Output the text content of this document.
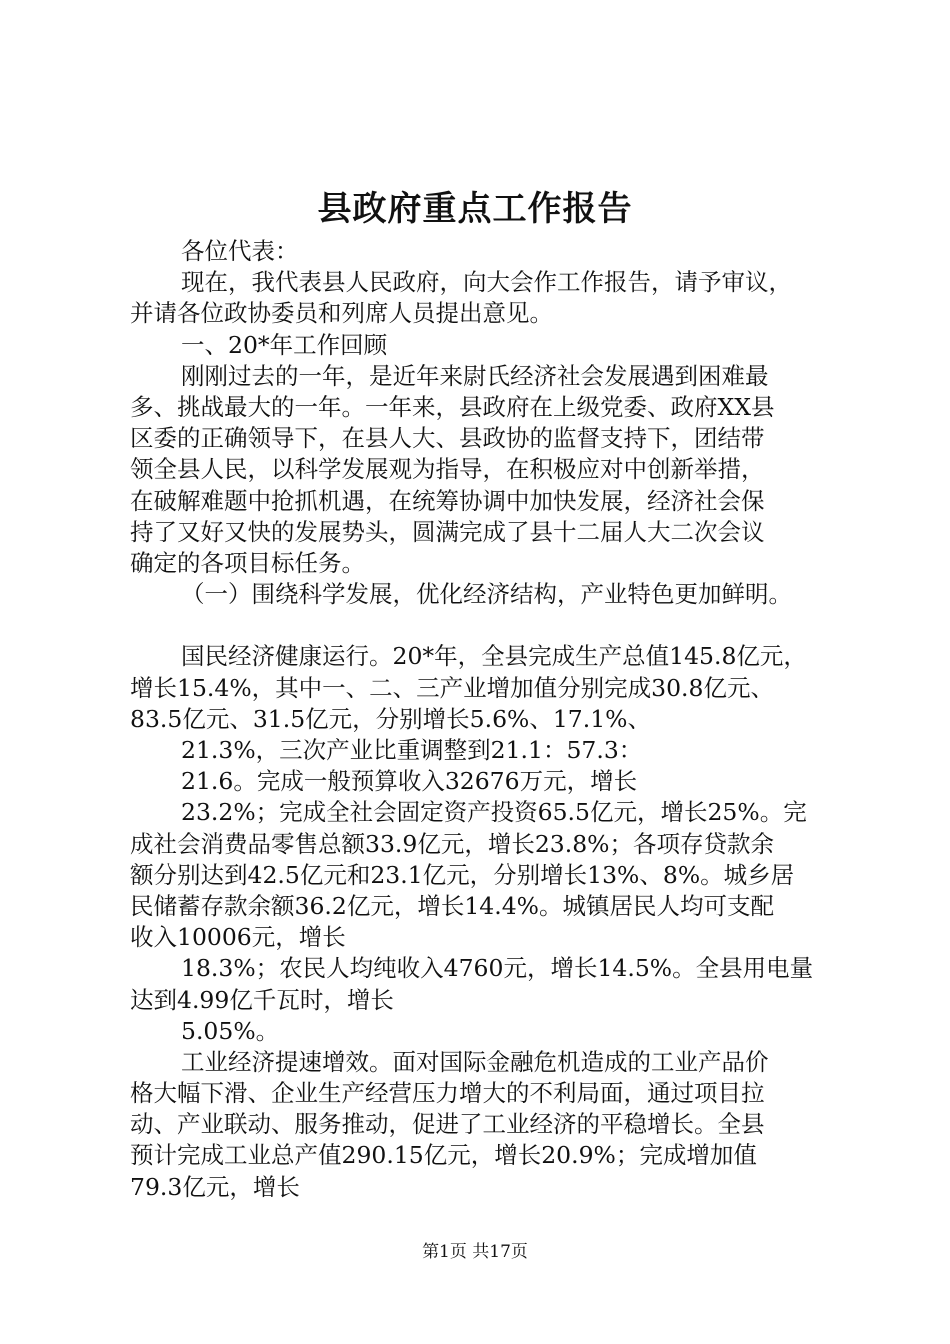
县政府重点工作报告
各位代表：
现在，我代表县人民政府，向大会作工作报告，请予审议，
并请各位政协委员和列席人员提出意见。
一、20*年工作回顾
刚刚过去的一年，是近年来尉氏经济社会发展遇到困难最
多、挑战最大的一年。一年来，县政府在上级党委、政府XX县
区委的正确领导下，在县人大、县政协的监督支持下，团结带
领全县人民，以科学发展观为指导，在积极应对中创新举措，
在破解难题中抢抓机遇，在统筹协调中加快发展，经济社会保
持了又好又快的发展势头，圆满完成了县十二届人大二次会议
确定的各项目标任务。
（一）围绕科学发展，优化经济结构，产业特色更加鲜明。
国民经济健康运行。20*年，全县完成生产总值145.8亿元，
增长15.4%，其中一、二、三产业增加值分别完成30.8亿元、
83.5亿元、31.5亿元，分别增长5.6%、17.1%、
21.3%，三次产业比重调整到21.1：57.3：
21.6。完成一般预算收入32676万元，增长
23.2%；完成全社会固定资产投资65.5亿元，增长25%。完
成社会消费品零售总额33.9亿元，增长23.8%；各项存贷款余
额分别达到42.5亿元和23.1亿元，分别增长13%、8%。城乡居
民储蓄存款余额36.2亿元，增长14.4%。城镇居民人均可支配
收入10006元，增长
18.3%；农民人均纯收入4760元，增长14.5%。全县用电量
达到4.99亿千瓦时，增长
5.05%。
工业经济提速增效。面对国际金融危机造成的工业产品价
格大幅下滑、企业生产经营压力增大的不利局面，通过项目拉
动、产业联动、服务推动，促进了工业经济的平稳增长。全县
预计完成工业总产值290.15亿元，增长20.9%；完成增加值
79.3亿元，增长
第1页 共17页
